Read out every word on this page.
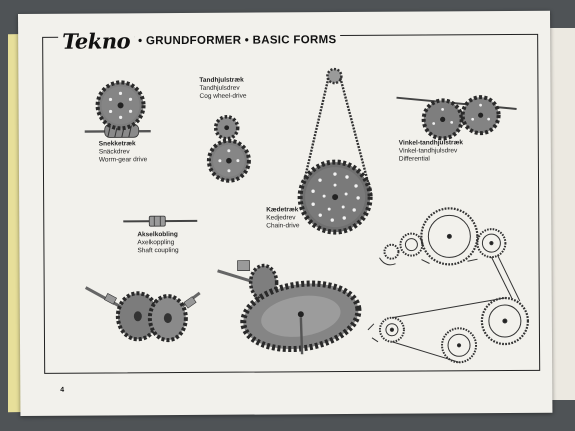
Tekno • GRUNDFORMER • BASIC FORMS
Snekketræk
Snäckdrev
Worm-gear drive
Tandhjulstræk
Tandhjulsdrev
Cog wheel-drive
Kædetræk
Kedjedrev
Chain-drive
Vinkel-tandhjulstræk
Vinkel-tandhjulsdrev
Differential
Akselkobling
Axelkoppling
Shaft coupling
4
